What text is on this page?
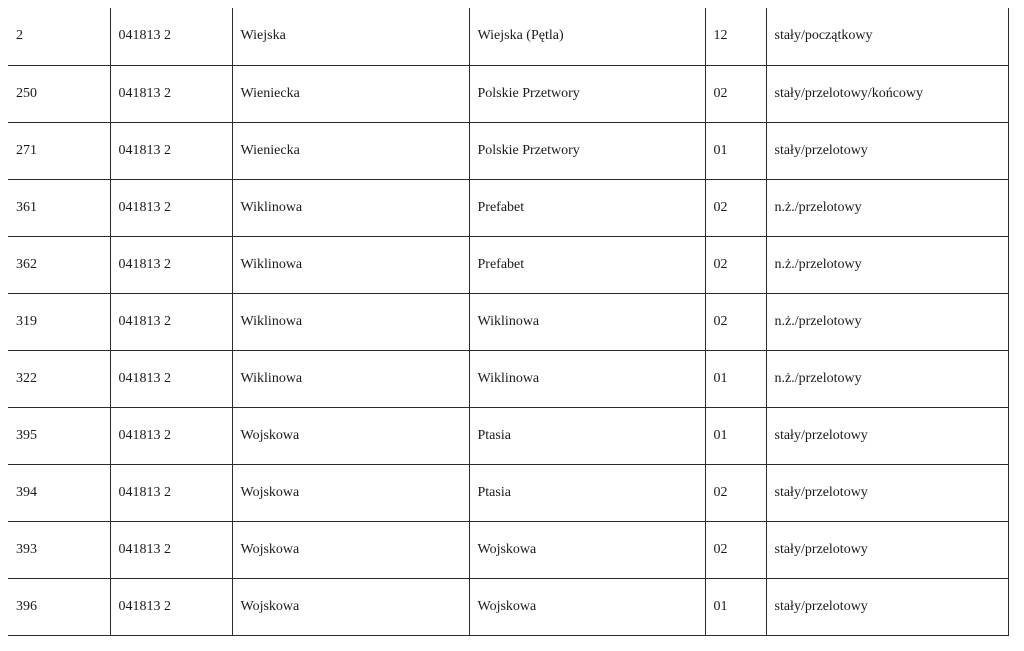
2	041813 2	Wiejska	Wiejska (Pętla)	12	stały/początkowy
250	041813 2	Wieniecka	Polskie Przetwory	02	stały/przelotowy/końcowy
271	041813 2	Wieniecka	Polskie Przetwory	01	stały/przelotowy
361	041813 2	Wiklinowa	Prefabet	02	n.ż./przelotowy
362	041813 2	Wiklinowa	Prefabet	02	n.ż./przelotowy
319	041813 2	Wiklinowa	Wiklinowa	02	n.ż./przelotowy
322	041813 2	Wiklinowa	Wiklinowa	01	n.ż./przelotowy
395	041813 2	Wojskowa	Ptasia	01	stały/przelotowy
394	041813 2	Wojskowa	Ptasia	02	stały/przelotowy
393	041813 2	Wojskowa	Wojskowa	02	stały/przelotowy
396	041813 2	Wojskowa	Wojskowa	01	stały/przelotowy
